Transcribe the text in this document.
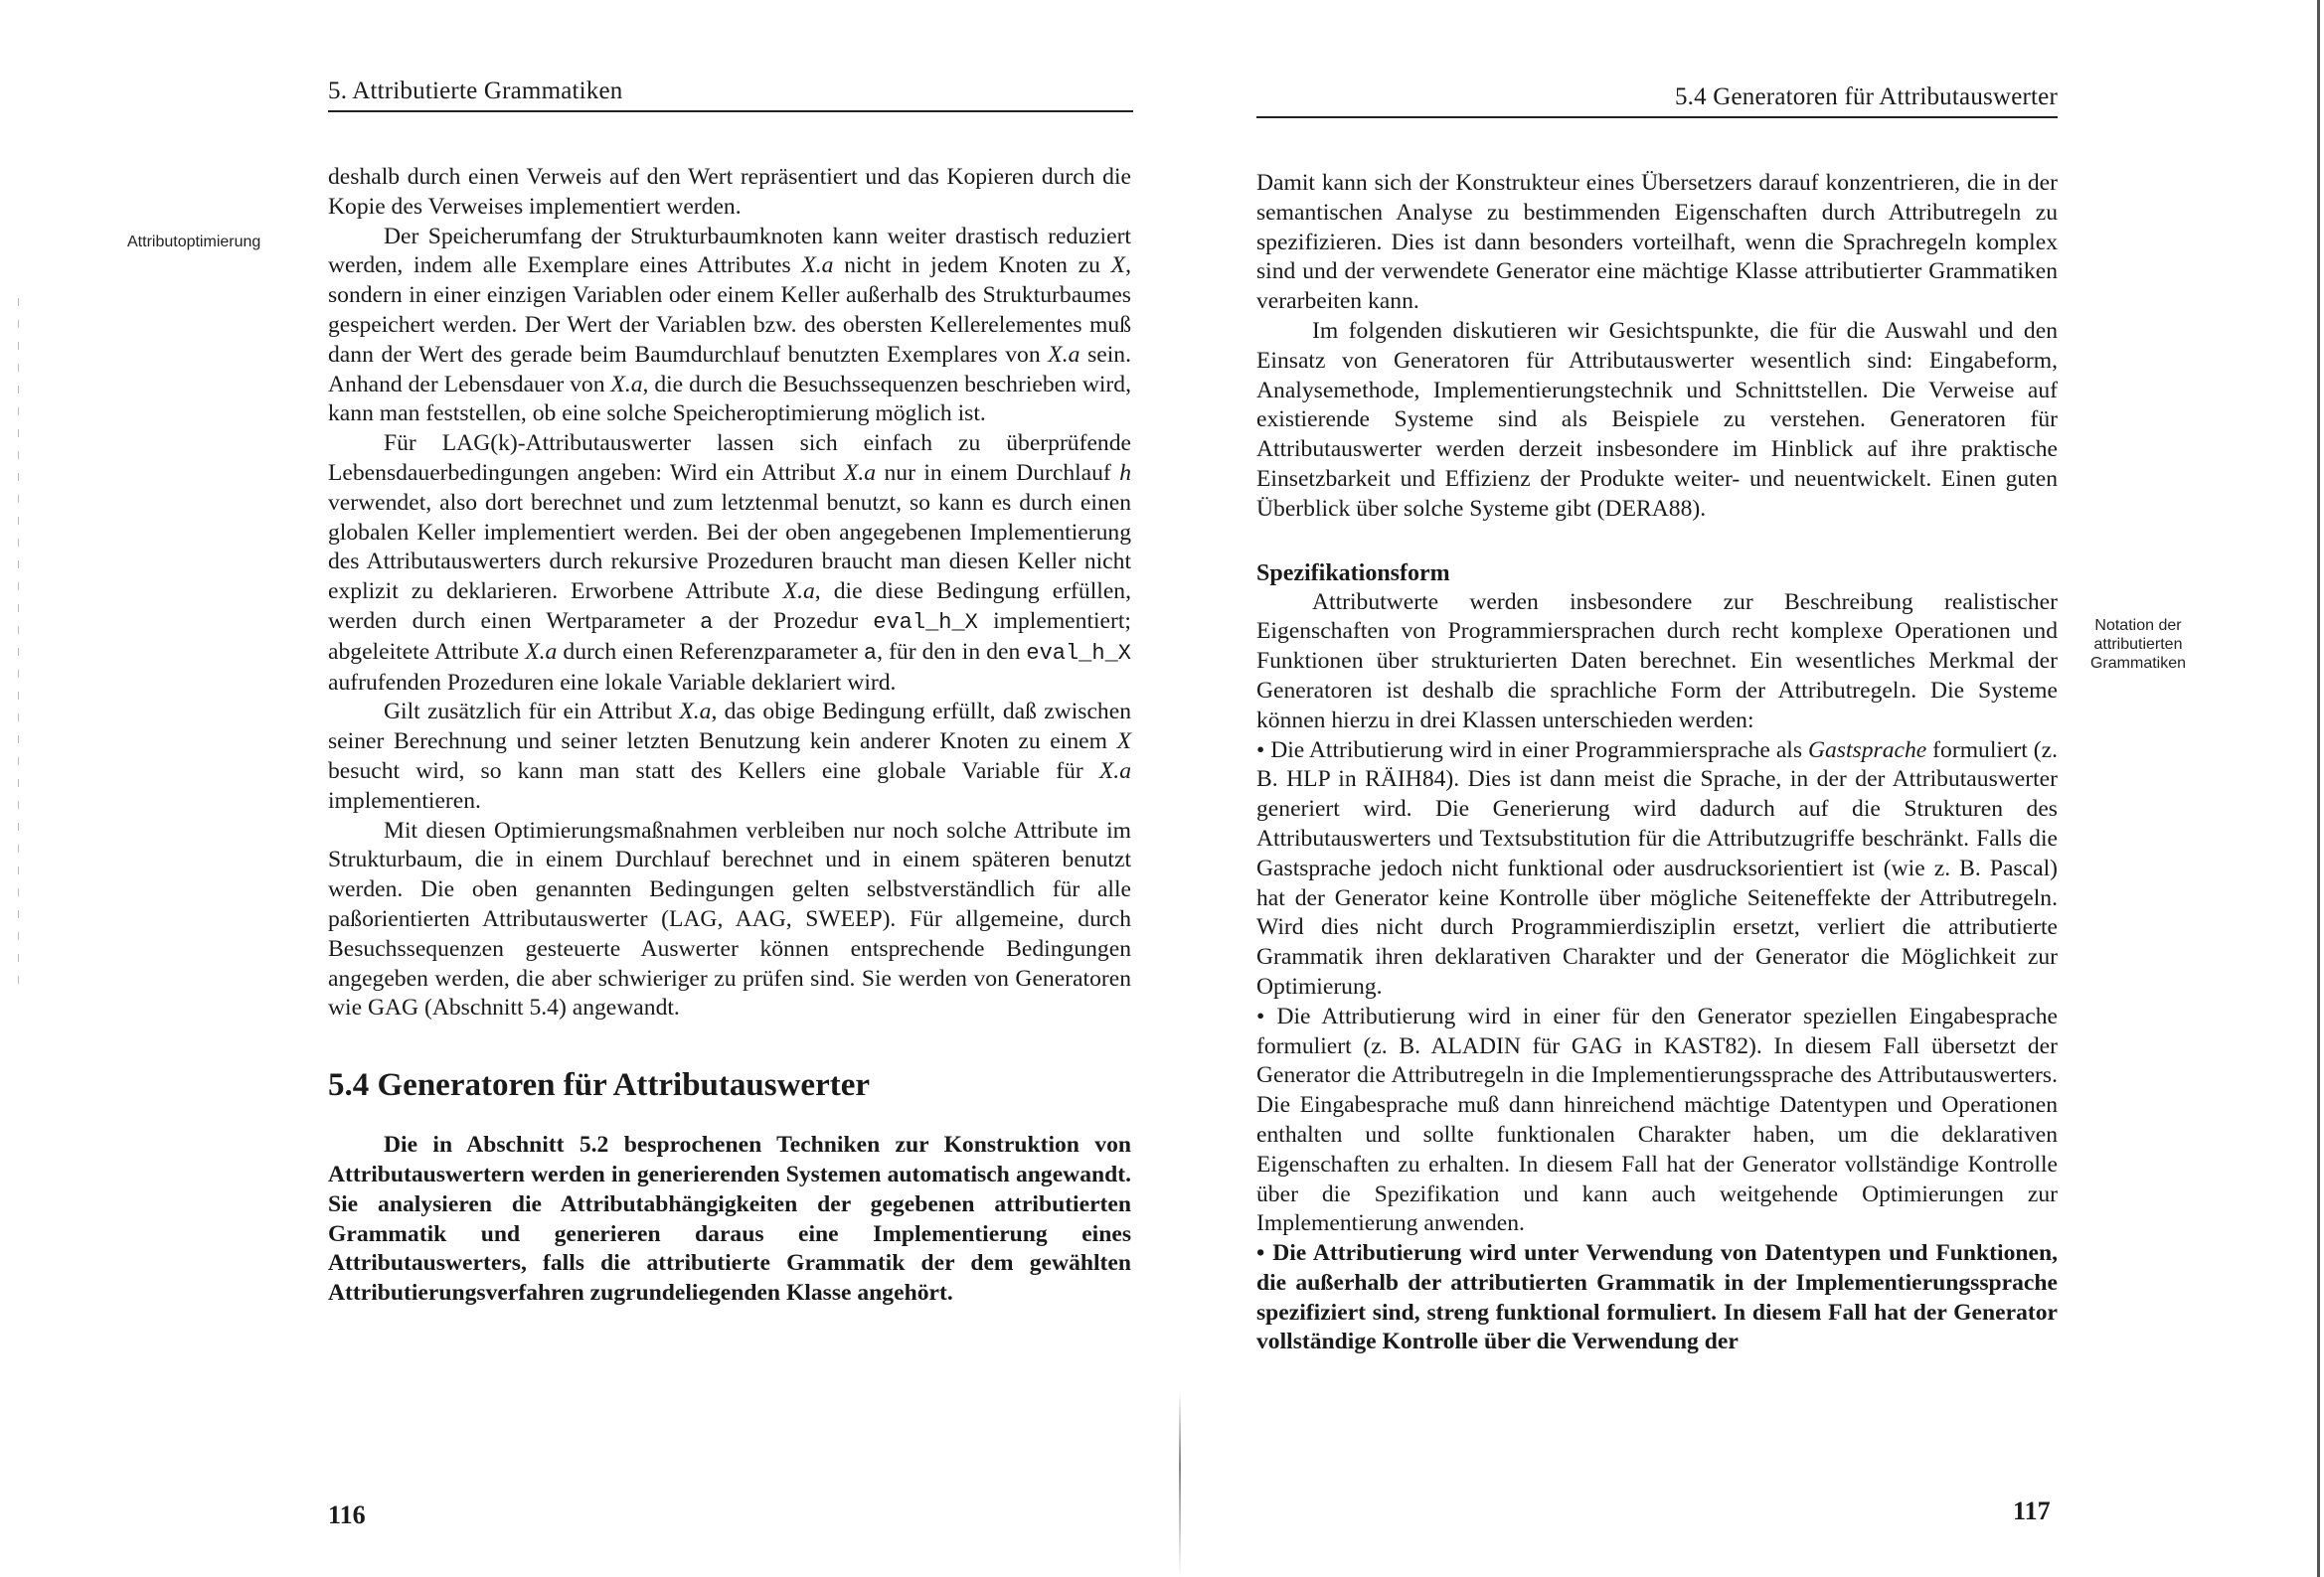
5. Attributierte Grammatiken
Attributoptimierung

deshalb durch einen Verweis auf den Wert repräsentiert und das Kopieren durch die Kopie des Verweises implementiert werden.

Der Speicherumfang der Strukturbaumknoten kann weiter drastisch reduziert werden, indem alle Exemplare eines Attributes X.a nicht in jedem Knoten zu X, sondern in einer einzigen Variablen oder einem Keller außerhalb des Strukturbaumes gespeichert werden. Der Wert der Variablen bzw. des obersten Kellerelementes muß dann der Wert des gerade beim Baumdurchlauf benutzten Exemplares von X.a sein. Anhand der Lebensdauer von X.a, die durch die Besuchssequenzen beschrieben wird, kann man feststellen, ob eine solche Speicheroptimierung möglich ist.

Für LAG(k)-Attributauswerter lassen sich einfach zu überprüfende Lebensdauerbedingungen angeben: Wird ein Attribut X.a nur in einem Durchlauf h verwendet, also dort berechnet und zum letztenmal benutzt, so kann es durch einen globalen Keller implementiert werden. Bei der oben angegebenen Implementierung des Attributauswerters durch rekursive Prozeduren braucht man diesen Keller nicht explizit zu deklarieren. Erworbene Attribute X.a, die diese Bedingung erfüllen, werden durch einen Wertparameter a der Prozedur eval_h_X implementiert; abgeleitete Attribute X.a durch einen Referenzparameter a, für den in den eval_h_X aufrufenden Prozeduren eine lokale Variable deklariert wird.

Gilt zusätzlich für ein Attribut X.a, das obige Bedingung erfüllt, daß zwischen seiner Berechnung und seiner letzten Benutzung kein anderer Knoten zu einem X besucht wird, so kann man statt des Kellers eine globale Variable für X.a implementieren.

Mit diesen Optimierungsmaßnahmen verbleiben nur noch solche Attribute im Strukturbaum, die in einem Durchlauf berechnet und in einem späteren benutzt werden. Die oben genannten Bedingungen gelten selbstverständlich für alle paßorientierten Attributauswerter (LAG, AAG, SWEEP). Für allgemeine, durch Besuchssequenzen gesteuerte Auswerter können entsprechende Bedingungen angegeben werden, die aber schwieriger zu prüfen sind. Sie werden von Generatoren wie GAG (Abschnitt 5.4) angewandt.

5.4 Generatoren für Attributauswerter

Die in Abschnitt 5.2 besprochenen Techniken zur Konstruktion von Attributauswertern werden in generierenden Systemen automatisch angewandt. Sie analysieren die Attributabhängigkeiten der gegebenen attributierten Grammatik und generieren daraus eine Implementierung eines Attributauswerters, falls die attributierte Grammatik der dem gewählten Attributierungsverfahren zugrundeliegenden Klasse angehört.

116
5.4 Generatoren für Attributauswerter
Notation der attributierten Grammatiken

Damit kann sich der Konstrukteur eines Übersetzers darauf konzentrieren, die in der semantischen Analyse zu bestimmenden Eigenschaften durch Attributregeln zu spezifizieren. Dies ist dann besonders vorteilhaft, wenn die Sprachregeln komplex sind und der verwendete Generator eine mächtige Klasse attributierter Grammatiken verarbeiten kann.

Im folgenden diskutieren wir Gesichtspunkte, die für die Auswahl und den Einsatz von Generatoren für Attributauswerter wesentlich sind: Eingabeform, Analysemethode, Implementierungstechnik und Schnittstellen. Die Verweise auf existierende Systeme sind als Beispiele zu verstehen. Generatoren für Attributauswerter werden derzeit insbesondere im Hinblick auf ihre praktische Einsetzbarkeit und Effizienz der Produkte weiter- und neuentwickelt. Einen guten Überblick über solche Systeme gibt (DERA88).

Spezifikationsform

Attributwerte werden insbesondere zur Beschreibung realistischer Eigenschaften von Programmiersprachen durch recht komplexe Operationen und Funktionen über strukturierten Daten berechnet. Ein wesentliches Merkmal der Generatoren ist deshalb die sprachliche Form der Attributregeln. Die Systeme können hierzu in drei Klassen unterschieden werden:

• Die Attributierung wird in einer Programmiersprache als Gastsprache formuliert (z. B. HLP in RÄIH84). Dies ist dann meist die Sprache, in der der Attributauswerter generiert wird. Die Generierung wird dadurch auf die Strukturen des Attributauswerters und Textsubstitution für die Attributzugriffe beschränkt. Falls die Gastsprache jedoch nicht funktional oder ausdrucksorientiert ist (wie z. B. Pascal) hat der Generator keine Kontrolle über mögliche Seiteneffekte der Attributregeln. Wird dies nicht durch Programmierdisziplin ersetzt, verliert die attributierte Grammatik ihren deklarativen Charakter und der Generator die Möglichkeit zur Optimierung.

• Die Attributierung wird in einer für den Generator speziellen Eingabesprache formuliert (z. B. ALADIN für GAG in KAST82). In diesem Fall übersetzt der Generator die Attributregeln in die Implementierungssprache des Attributauswerters. Die Eingabesprache muß dann hinreichend mächtige Datentypen und Operationen enthalten und sollte funktionalen Charakter haben, um die deklarativen Eigenschaften zu erhalten. In diesem Fall hat der Generator vollständige Kontrolle über die Spezifikation und kann auch weitgehende Optimierungen zur Implementierung anwenden.

• Die Attributierung wird unter Verwendung von Datentypen und Funktionen, die außerhalb der attributierten Grammatik in der Implementierungssprache spezifiziert sind, streng funktional formuliert. In diesem Fall hat der Generator vollständige Kontrolle über die Verwendung der

117
